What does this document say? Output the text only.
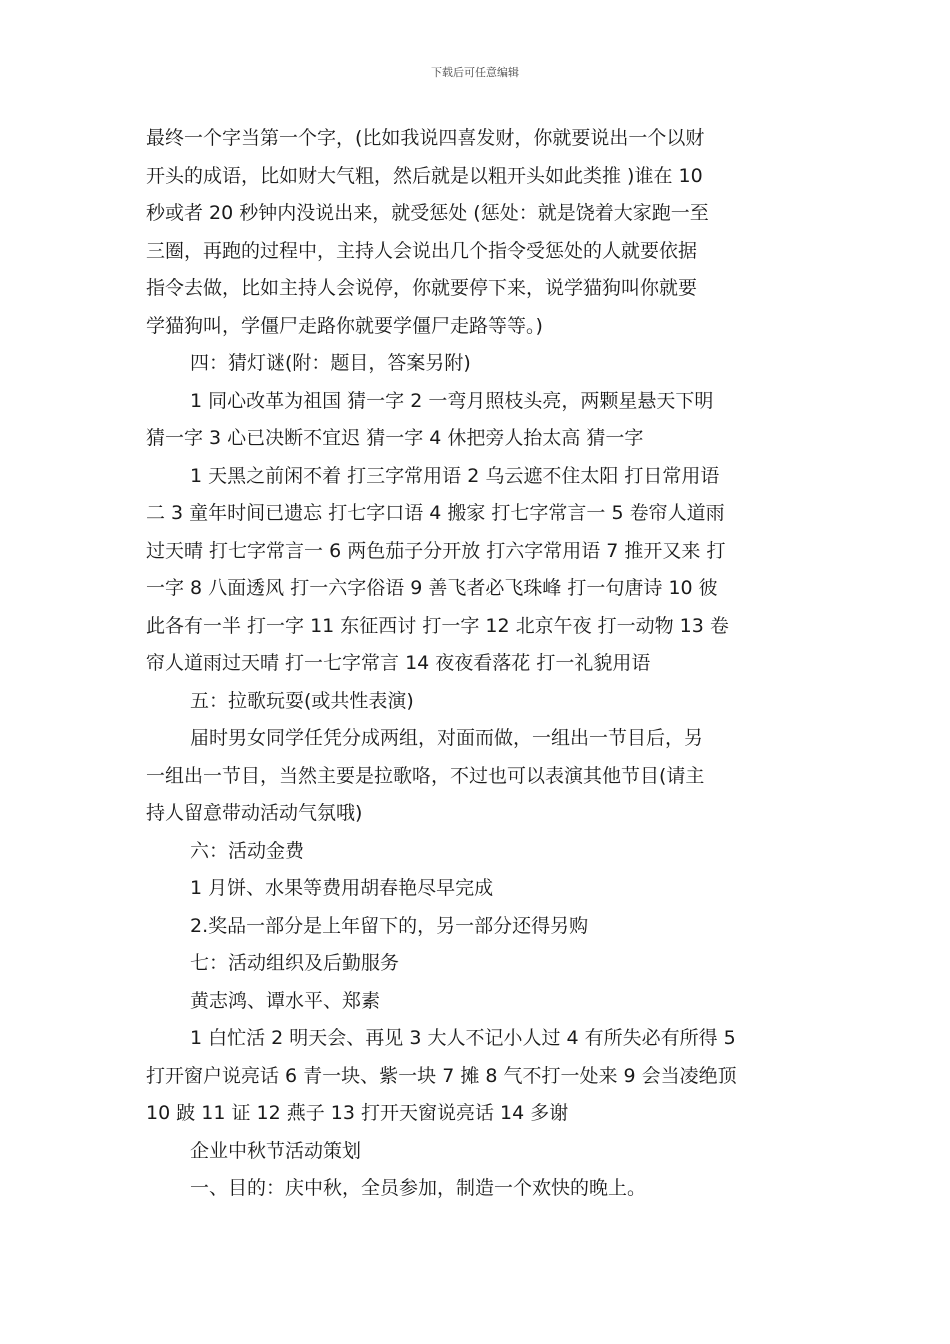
下载后可任意编辑

最终一个字当第一个字，(比如我说四喜发财，你就要说出一个以财

开头的成语，比如财大气粗，然后就是以粗开头如此类推 )谁在 10

秒或者 20 秒钟内没说出来，就受惩处 (惩处：就是饶着大家跑一至

三圈，再跑的过程中，主持人会说出几个指令受惩处的人就要依据

指令去做，比如主持人会说停，你就要停下来，说学猫狗叫你就要

学猫狗叫，学僵尸走路你就要学僵尸走路等等。)

四：猜灯谜(附：题目，答案另附)

1 同心改革为祖国 猜一字 2 一弯月照枝头亮，两颗星悬天下明

猜一字 3 心已决断不宜迟 猜一字 4 休把旁人抬太高 猜一字

1 天黑之前闲不着 打三字常用语 2 乌云遮不住太阳 打日常用语

二 3 童年时间已遗忘 打七字口语 4 搬家 打七字常言一 5 卷帘人道雨

过天晴 打七字常言一 6 两色茄子分开放 打六字常用语 7 推开又来 打

一字 8 八面透风 打一六字俗语 9 善飞者必飞珠峰 打一句唐诗 10 彼

此各有一半 打一字 11 东征西讨 打一字 12 北京午夜 打一动物 13 卷

帘人道雨过天晴 打一七字常言 14 夜夜看落花 打一礼貌用语

五：拉歌玩耍(或共性表演)

届时男女同学任凭分成两组，对面而做，一组出一节目后，另

一组出一节目，当然主要是拉歌咯，不过也可以表演其他节目(请主

持人留意带动活动气氛哦)

六：活动金费

1 月饼、水果等费用胡春艳尽早完成

2.奖品一部分是上年留下的，另一部分还得另购

七：活动组织及后勤服务

黄志鸿、谭水平、郑素

1 白忙活 2 明天会、再见 3 大人不记小人过 4 有所失必有所得 5

打开窗户说亮话 6 青一块、紫一块 7 摊 8 气不打一处来 9 会当凌绝顶

10 跛 11 证 12 燕子 13 打开天窗说亮话 14 多谢

企业中秋节活动策划

一、目的：庆中秋，全员参加，制造一个欢快的晚上。
